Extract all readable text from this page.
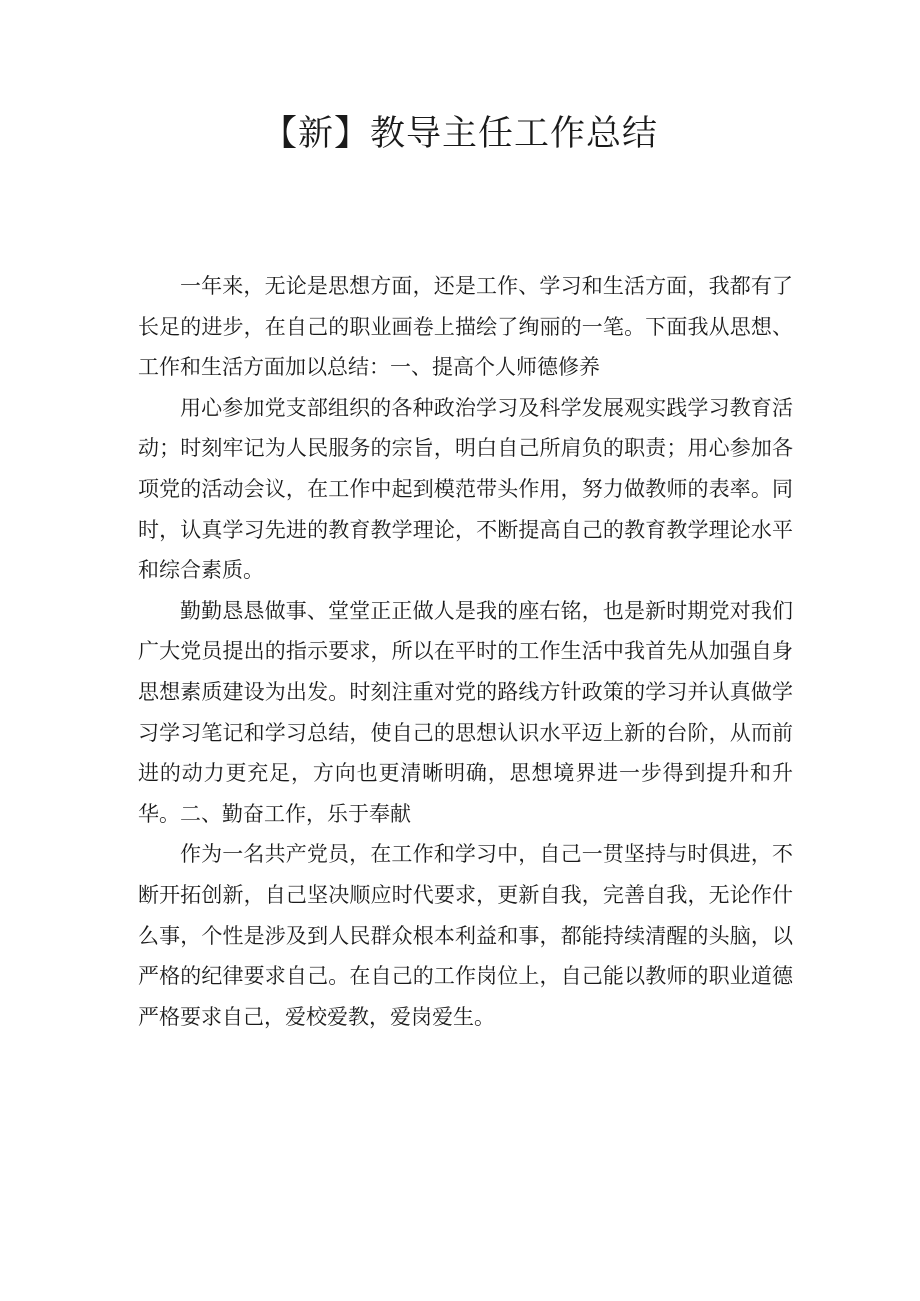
【新】教导主任工作总结

一年来，无论是思想方面，还是工作、学习和生活方面，我都有了长足的进步，在自己的职业画卷上描绘了绚丽的一笔。下面我从思想、工作和生活方面加以总结：一、提高个人师德修养

用心参加党支部组织的各种政治学习及科学发展观实践学习教育活动；时刻牢记为人民服务的宗旨，明白自己所肩负的职责；用心参加各项党的活动会议，在工作中起到模范带头作用，努力做教师的表率。同时，认真学习先进的教育教学理论，不断提高自己的教育教学理论水平和综合素质。

勤勤恳恳做事、堂堂正正做人是我的座右铭，也是新时期党对我们广大党员提出的指示要求，所以在平时的工作生活中我首先从加强自身思想素质建设为出发。时刻注重对党的路线方针政策的学习并认真做学习学习笔记和学习总结，使自己的思想认识水平迈上新的台阶，从而前进的动力更充足，方向也更清晰明确，思想境界进一步得到提升和升华。二、勤奋工作，乐于奉献

作为一名共产党员，在工作和学习中，自己一贯坚持与时俱进，不断开拓创新，自己坚决顺应时代要求，更新自我，完善自我，无论作什么事，个性是涉及到人民群众根本利益和事，都能持续清醒的头脑，以严格的纪律要求自己。在自己的工作岗位上，自己能以教师的职业道德严格要求自己，爱校爱教，爱岗爱生。
